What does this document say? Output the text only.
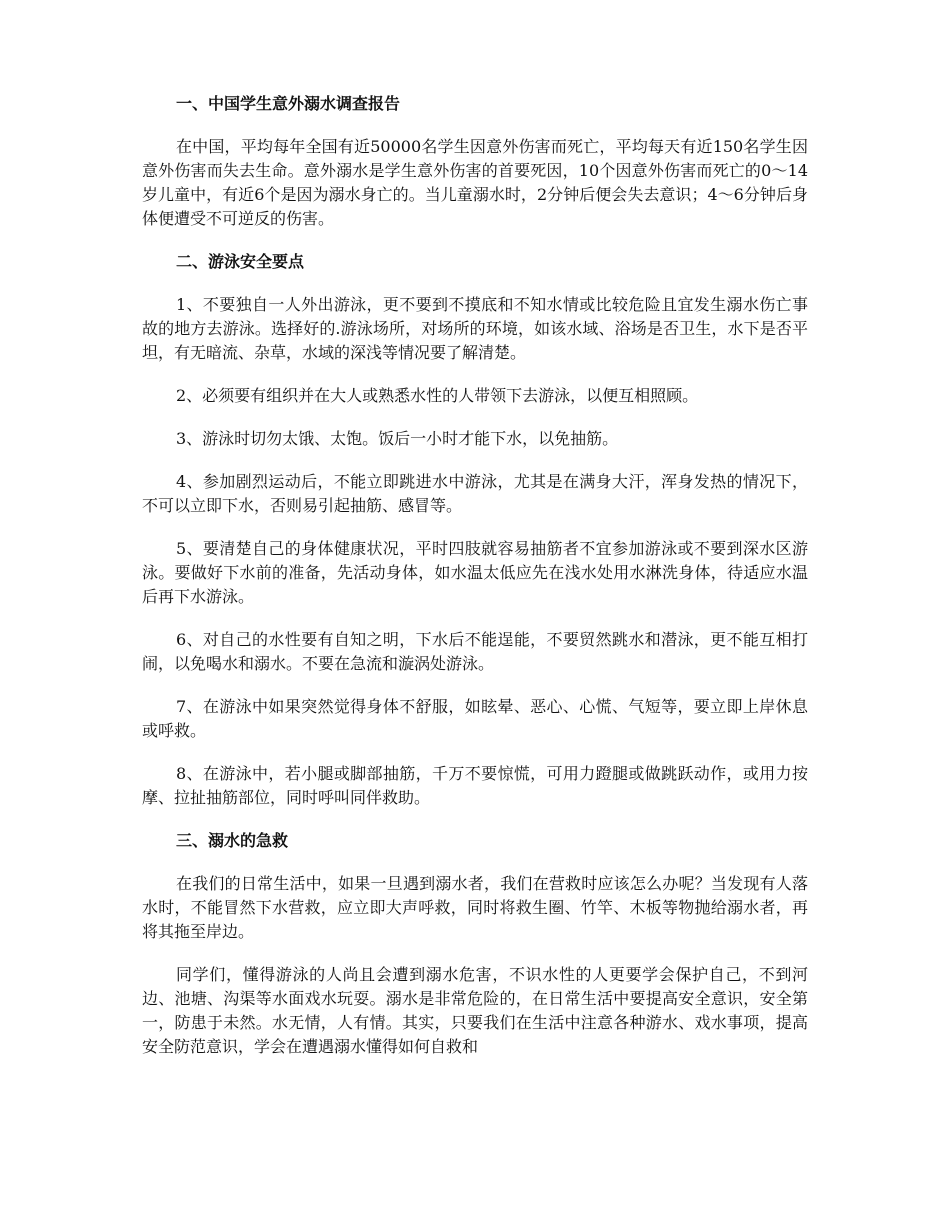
一、中国学生意外溺水调查报告

在中国，平均每年全国有近50000名学生因意外伤害而死亡，平均每天有近150名学生因意外伤害而失去生命。意外溺水是学生意外伤害的首要死因，10个因意外伤害而死亡的0～14岁儿童中，有近6个是因为溺水身亡的。当儿童溺水时，2分钟后便会失去意识；4～6分钟后身体便遭受不可逆反的伤害。

二、游泳安全要点

1、不要独自一人外出游泳，更不要到不摸底和不知水情或比较危险且宜发生溺水伤亡事故的地方去游泳。选择好的.游泳场所，对场所的环境，如该水域、浴场是否卫生，水下是否平坦，有无暗流、杂草，水域的深浅等情况要了解清楚。

2、必须要有组织并在大人或熟悉水性的人带领下去游泳，以便互相照顾。

3、游泳时切勿太饿、太饱。饭后一小时才能下水，以免抽筋。

4、参加剧烈运动后，不能立即跳进水中游泳，尤其是在满身大汗，浑身发热的情况下，不可以立即下水，否则易引起抽筋、感冒等。

5、要清楚自己的身体健康状况，平时四肢就容易抽筋者不宜参加游泳或不要到深水区游泳。要做好下水前的准备，先活动身体，如水温太低应先在浅水处用水淋洗身体，待适应水温后再下水游泳。

6、对自己的水性要有自知之明，下水后不能逞能，不要贸然跳水和潜泳，更不能互相打闹，以免喝水和溺水。不要在急流和漩涡处游泳。

7、在游泳中如果突然觉得身体不舒服，如眩晕、恶心、心慌、气短等，要立即上岸休息或呼救。

8、在游泳中，若小腿或脚部抽筋，千万不要惊慌，可用力蹬腿或做跳跃动作，或用力按摩、拉扯抽筋部位，同时呼叫同伴救助。

三、溺水的急救

在我们的日常生活中，如果一旦遇到溺水者，我们在营救时应该怎么办呢？当发现有人落水时，不能冒然下水营救，应立即大声呼救，同时将救生圈、竹竿、木板等物抛给溺水者，再将其拖至岸边。

同学们，懂得游泳的人尚且会遭到溺水危害，不识水性的人更要学会保护自己，不到河边、池塘、沟渠等水面戏水玩耍。溺水是非常危险的，在日常生活中要提高安全意识，安全第一，防患于未然。水无情，人有情。其实，只要我们在生活中注意各种游水、戏水事项，提高安全防范意识，学会在遭遇溺水懂得如何自救和
